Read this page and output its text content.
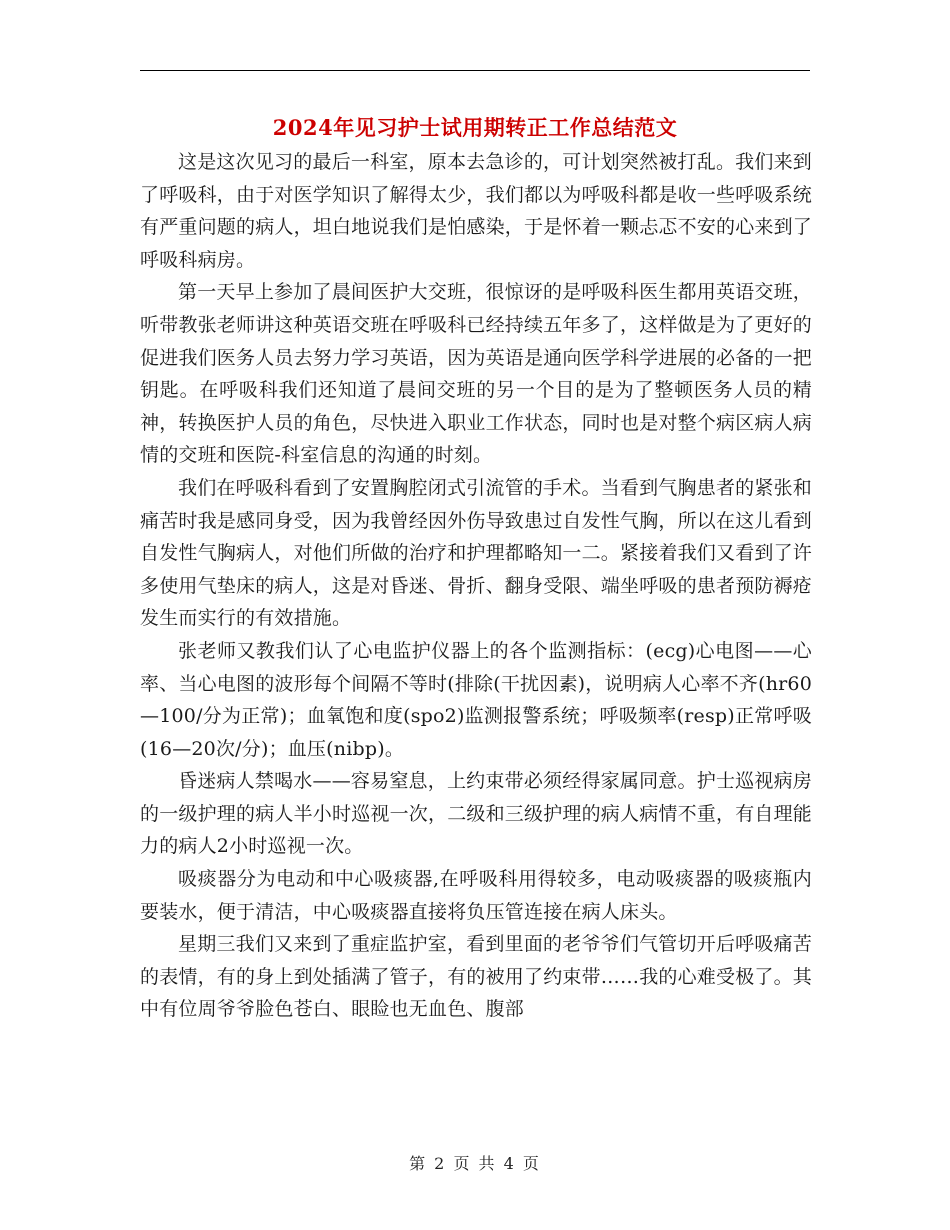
2024年见习护士试用期转正工作总结范文

这是这次见习的最后一科室，原本去急诊的，可计划突然被打乱。我们来到了呼吸科，由于对医学知识了解得太少，我们都以为呼吸科都是收一些呼吸系统有严重问题的病人，坦白地说我们是怕感染，于是怀着一颗忐忑不安的心来到了呼吸科病房。

第一天早上参加了晨间医护大交班，很惊讶的是呼吸科医生都用英语交班，听带教张老师讲这种英语交班在呼吸科已经持续五年多了，这样做是为了更好的促进我们医务人员去努力学习英语，因为英语是通向医学科学进展的必备的一把钥匙。在呼吸科我们还知道了晨间交班的另一个目的是为了整顿医务人员的精神，转换医护人员的角色，尽快进入职业工作状态，同时也是对整个病区病人病情的交班和医院-科室信息的沟通的时刻。

我们在呼吸科看到了安置胸腔闭式引流管的手术。当看到气胸患者的紧张和痛苦时我是感同身受，因为我曾经因外伤导致患过自发性气胸，所以在这儿看到自发性气胸病人，对他们所做的治疗和护理都略知一二。紧接着我们又看到了许多使用气垫床的病人，这是对昏迷、骨折、翻身受限、端坐呼吸的患者预防褥疮发生而实行的有效措施。

张老师又教我们认了心电监护仪器上的各个监测指标：(ecg)心电图——心率、当心电图的波形每个间隔不等时(排除(干扰因素)，说明病人心率不齐(hr60—100/分为正常)；血氧饱和度(spo2)监测报警系统；呼吸频率(resp)正常呼吸(16—20次/分)；血压(nibp)。

昏迷病人禁喝水——容易窒息，上约束带必须经得家属同意。护士巡视病房的一级护理的病人半小时巡视一次，二级和三级护理的病人病情不重，有自理能力的病人2小时巡视一次。

吸痰器分为电动和中心吸痰器,在呼吸科用得较多，电动吸痰器的吸痰瓶内要装水，便于清洁，中心吸痰器直接将负压管连接在病人床头。

星期三我们又来到了重症监护室，看到里面的老爷爷们气管切开后呼吸痛苦的表情，有的身上到处插满了管子，有的被用了约束带……我的心难受极了。其中有位周爷爷脸色苍白、眼睑也无血色、腹部

第 2 页 共 4 页
